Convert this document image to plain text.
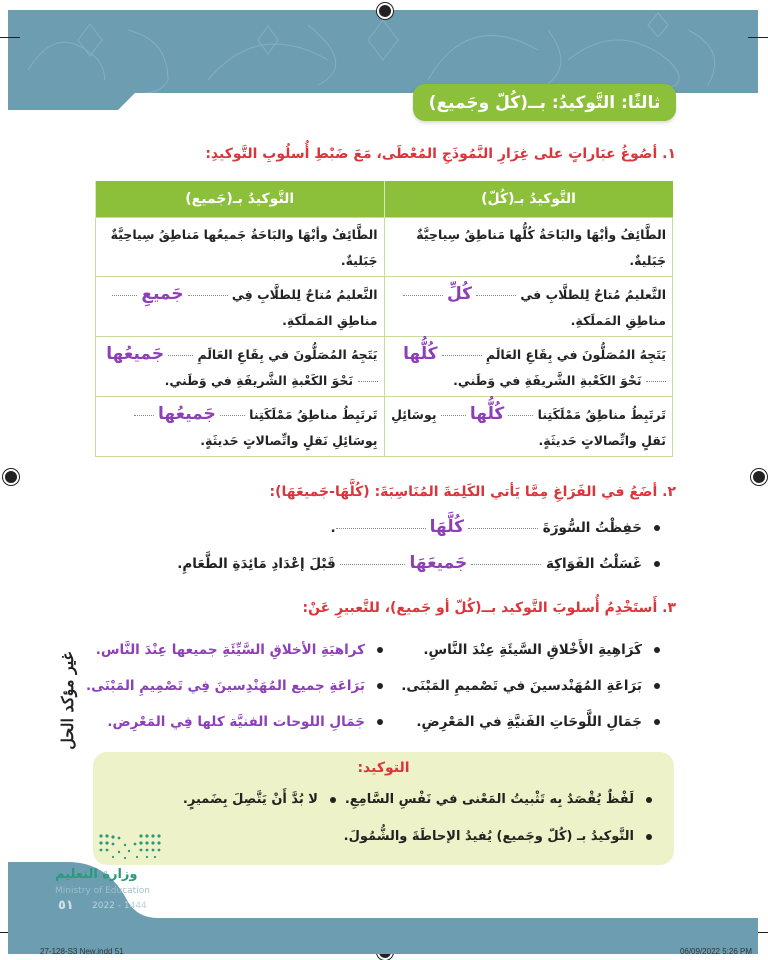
ثالثًا: التَّوكيدُ: بــ(كُلّ وجَميع)
١. أصُوغُ عبَاراتٍ على غِرَارِ النَّمُوذَجِ المُعْطَى، مَعَ ضَبْطِ أُسلُوبِ التَّوكيدِ:
التَّوكيدُ بـ(كُلّ)	التَّوكيدُ بـ(جَميع)
الطَّائِفُ وأبْهَا والبَاحَةُ كُلُّها مَناطِقُ سِياحِيَّةٌ جَبَليةٌ.	الطَّائِفُ وأبْهَا والبَاحَةُ جَميعُها مَناطِقُ سِياحِيَّةٌ جَبَليةٌ.
التَّعليمُ مُتاحٌ لِلطلَّابِ في كُلِّ مناطِقِ المَملَكةِ.	التَّعليمُ مُتاحٌ لِلطلَّابِ فِي جَميعِ مناطِقِ المَملَكةِ.
يَتَجِهُ المُصَلُّونَ في بِقَاعِ العَالَمِ كُلُّها نَحْوَ الكَعْبةِ الشَّريفَةِ في وَطَني.	يَتَجِهُ المُصَلُّونَ في بِقَاعِ العَالَمِ جَميعُها نَحْوَ الكَعْبةِ الشَّريفَةِ في وَطَني.
تَرتَبِطُ مناطِقُ مَمْلَكَتِنا كُلُّها بِوسَائِلِ نَقلٍ واتِّصالاتٍ حَديثَةٍ.	تَرتَبِطُ مناطِقُ مَمْلَكَتِنا جَميعُها بِوسَائِلِ نَقلٍ واتِّصالاتٍ حَديثَةٍ.
٢. أضَعُ في الفَرَاغِ مِمَّا يَأتي الكَلِمَةَ المُنَاسِبَةَ: (كُلَّهَا-جَميعَهَا):
حَفِظْتُ السُّورَةَ كُلَّهَا.
غَسَلْتُ الفَوَاكِهَ جَميعَهَا قَبْلَ إعْدَادِ مَائِدَةِ الطَّعَامِ.
٣. أَستَخْدِمُ أُسلوبَ التَّوكيد بــ(كُلّ أو جَميع)، للتَّعبيرِ عَنْ:
كَرَاهِيةِ الأَخْلاقِ السَّيئَةِ عِنْدَ النَّاسِ.
بَرَاعَةِ المُهَنْدسينَ في تَصْميمِ المَبْنَى.
جَمَالِ اللَّوحَاتِ الفَنيَّةِ في المَعْرِضِ.
كراهيَةِ الأخلاقِ السَّيِّئَةِ جميعها عِنْدَ النَّاس.
بَرَاعَةِ جميع المُهَنْدِسينَ فِي تَصْمِيمِ المَبْنَى.
جَمَالِ اللوحات الفنيَّة كلها فِي المَعْرِض.
غير مؤكد الحل
التوكيد:
لَفْظٌ يُقْصَدُ بِه تَثْبيتُ المَعْنى في نَفْسِ السَّامِعِ.
لا بُدَّ أَنْ يَتَّصِلَ بِضَميرٍ.
التَّوكيدُ بـ (كُلّ وجَميع) يُفيدُ الإحاطَةَ والشُّمُولَ.
وزارة التعليم
Ministry of Education
٥١ 2022 - 1444
27-128-S3 New.indd 51	06/09/2022 5:26 PM
